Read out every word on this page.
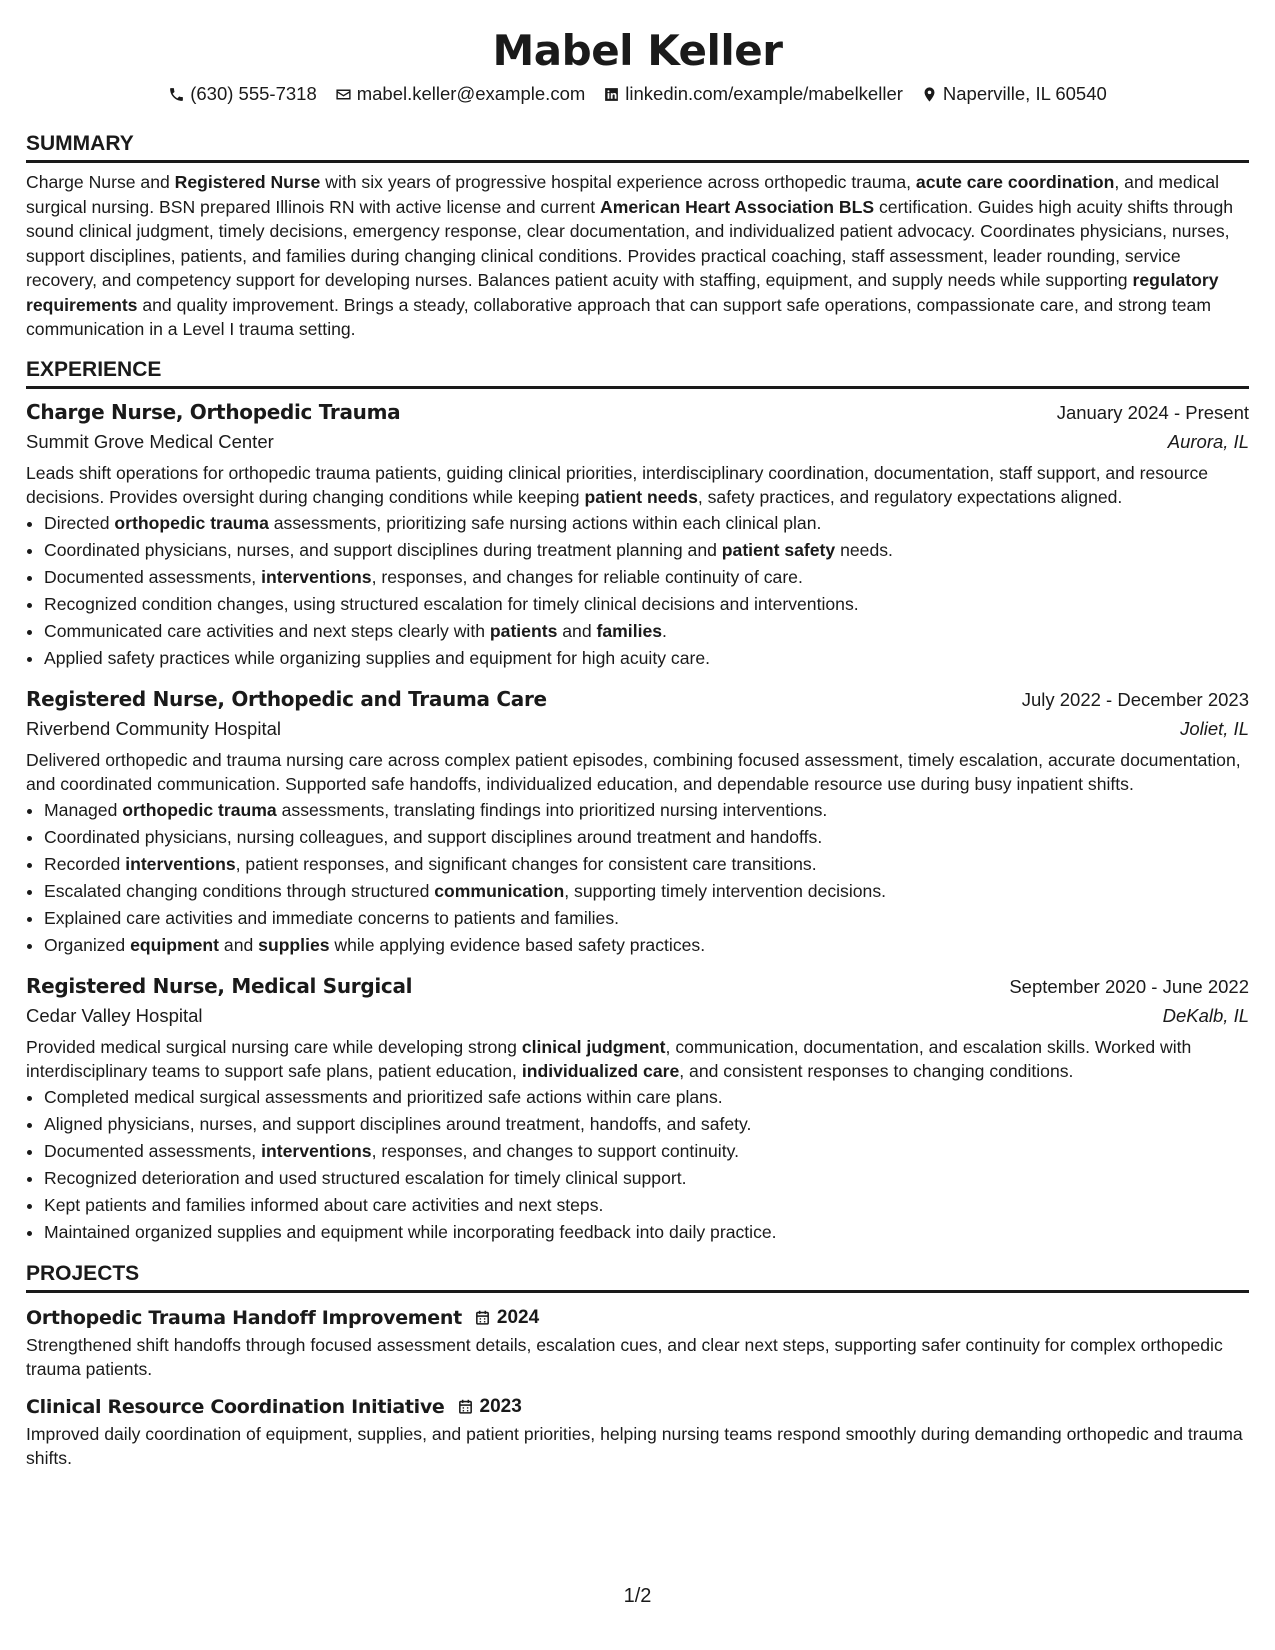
Mabel Keller
(630) 555-7318 mabel.keller@example.com linkedin.com/example/mabelkeller Naperville, IL 60540
SUMMARY

Charge Nurse and Registered Nurse with six years of progressive hospital experience across orthopedic trauma, acute care coordination, and medical surgical nursing. BSN prepared Illinois RN with active license and current American Heart Association BLS certification. Guides high acuity shifts through sound clinical judgment, timely decisions, emergency response, clear documentation, and individualized patient advocacy. Coordinates physicians, nurses, support disciplines, patients, and families during changing clinical conditions. Provides practical coaching, staff assessment, leader rounding, service recovery, and competency support for developing nurses. Balances patient acuity with staffing, equipment, and supply needs while supporting regulatory requirements and quality improvement. Brings a steady, collaborative approach that can support safe operations, compassionate care, and strong team communication in a Level I trauma setting.

EXPERIENCE
Charge Nurse, Orthopedic Trauma	January 2024 - Present
Summit Grove Medical Center	Aurora, IL

Leads shift operations for orthopedic trauma patients, guiding clinical priorities, interdisciplinary coordination, documentation, staff support, and resource decisions. Provides oversight during changing conditions while keeping patient needs, safety practices, and regulatory expectations aligned.

• Directed orthopedic trauma assessments, prioritizing safe nursing actions within each clinical plan.
• Coordinated physicians, nurses, and support disciplines during treatment planning and patient safety needs.
• Documented assessments, interventions, responses, and changes for reliable continuity of care.
• Recognized condition changes, using structured escalation for timely clinical decisions and interventions.
• Communicated care activities and next steps clearly with patients and families.
• Applied safety practices while organizing supplies and equipment for high acuity care.
Registered Nurse, Orthopedic and Trauma Care	July 2022 - December 2023
Riverbend Community Hospital	Joliet, IL

Delivered orthopedic and trauma nursing care across complex patient episodes, combining focused assessment, timely escalation, accurate documentation, and coordinated communication. Supported safe handoffs, individualized education, and dependable resource use during busy inpatient shifts.

• Managed orthopedic trauma assessments, translating findings into prioritized nursing interventions.
• Coordinated physicians, nursing colleagues, and support disciplines around treatment and handoffs.
• Recorded interventions, patient responses, and significant changes for consistent care transitions.
• Escalated changing conditions through structured communication, supporting timely intervention decisions.
• Explained care activities and immediate concerns to patients and families.
• Organized equipment and supplies while applying evidence based safety practices.
Registered Nurse, Medical Surgical	September 2020 - June 2022
Cedar Valley Hospital	DeKalb, IL

Provided medical surgical nursing care while developing strong clinical judgment, communication, documentation, and escalation skills. Worked with interdisciplinary teams to support safe plans, patient education, individualized care, and consistent responses to changing conditions.

• Completed medical surgical assessments and prioritized safe actions within care plans.
• Aligned physicians, nurses, and support disciplines around treatment, handoffs, and safety.
• Documented assessments, interventions, responses, and changes to support continuity.
• Recognized deterioration and used structured escalation for timely clinical support.
• Kept patients and families informed about care activities and next steps.
• Maintained organized supplies and equipment while incorporating feedback into daily practice.
PROJECTS
Orthopedic Trauma Handoff Improvement 2024

Strengthened shift handoffs through focused assessment details, escalation cues, and clear next steps, supporting safer continuity for complex orthopedic trauma patients.

Clinical Resource Coordination Initiative 2023

Improved daily coordination of equipment, supplies, and patient priorities, helping nursing teams respond smoothly during demanding orthopedic and trauma shifts.

1/2
